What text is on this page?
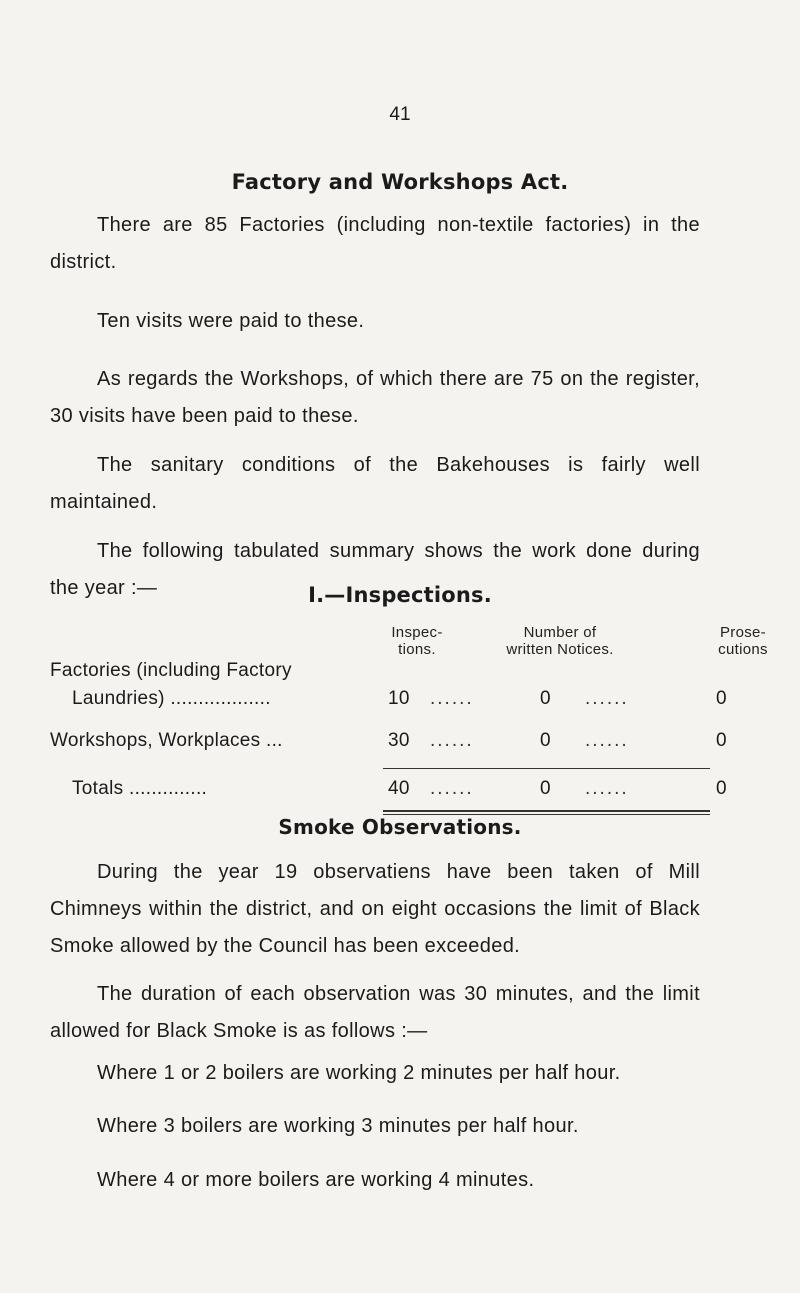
41
Factory and Workshops Act.

There are 85 Factories (including non-textile factories) in the district.

Ten visits were paid to these.

As regards the Workshops, of which there are 75 on the register, 30 visits have been paid to these.

The sanitary conditions of the Bakehouses is fairly well maintained.

The following tabulated summary shows the work done during the year :—	I.—Inspections.
Inspec-
tions.
Number of
written Notices.
Prose-
cutions
Factories (including Factory
Laundries) ..................	10 ......	0 ......	0
Workshops, Workplaces ...	30 ......	0 ......	0
Totals ..............	40 ......	0 ......	0
Smoke Observations.

During the year 19 observatiens have been taken of Mill Chimneys within the district, and on eight occasions the limit of Black Smoke allowed by the Council has been exceeded.

The duration of each observation was 30 minutes, and the limit allowed for Black Smoke is as follows :—

Where 1 or 2 boilers are working 2 minutes per half hour.
Where 3 boilers are working 3 minutes per half hour.
Where 4 or more boilers are working 4 minutes.
